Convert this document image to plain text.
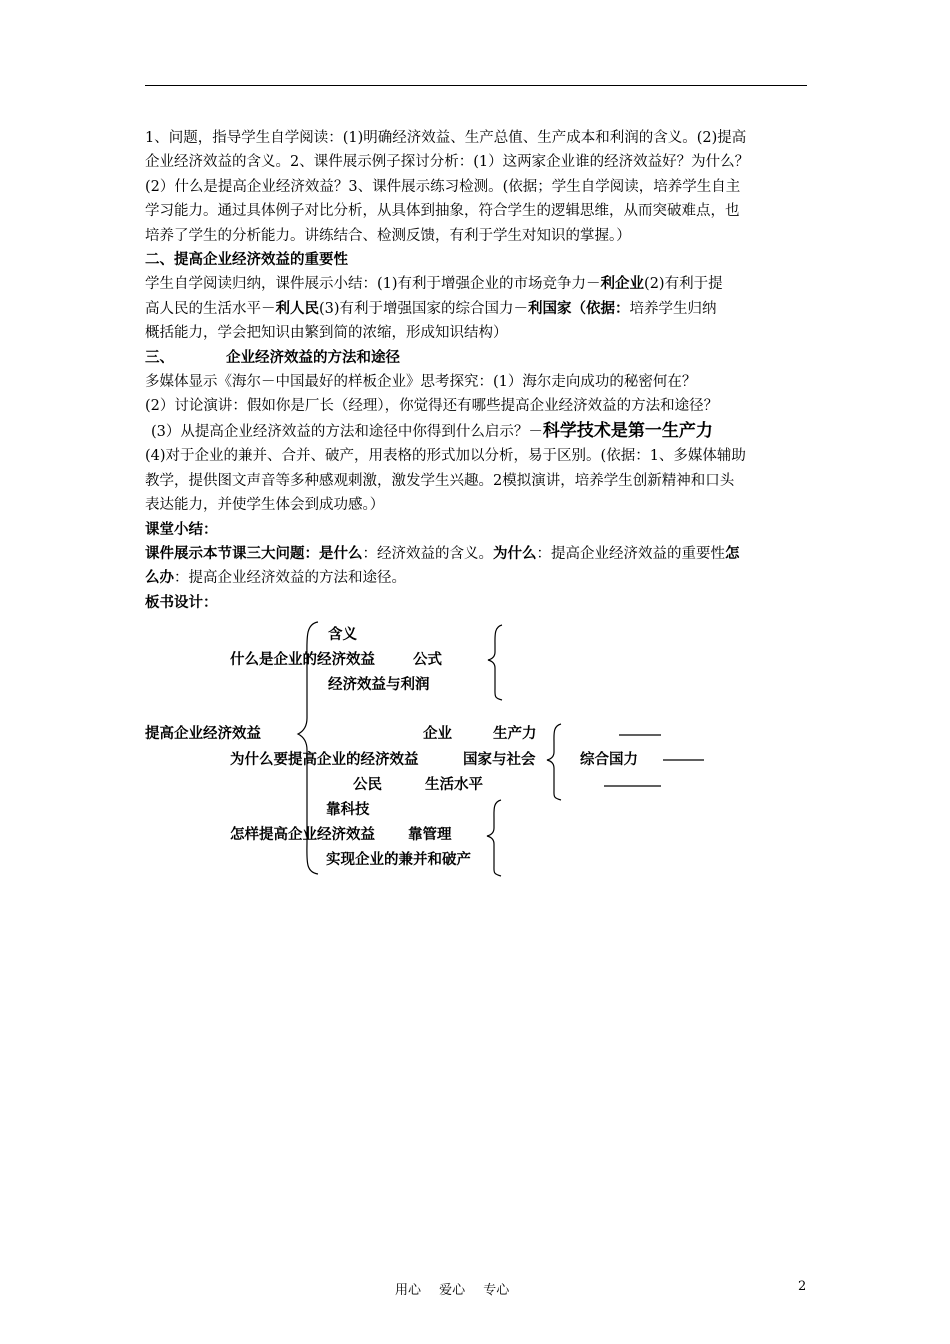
1、问题，指导学生自学阅读：(1)明确经济效益、生产总值、生产成本和利润的含义。(2)提高

企业经济效益的含义。2、课件展示例子探讨分析：(1）这两家企业谁的经济效益好？为什么？

(2）什么是提高企业经济效益？3、课件展示练习检测。(依据；学生自学阅读，培养学生自主

学习能力。通过具体例子对比分析，从具体到抽象，符合学生的逻辑思维，从而突破难点，也

培养了学生的分析能力。讲练结合、检测反馈，有利于学生对知识的掌握。）

二、提高企业经济效益的重要性

学生自学阅读归纳，课件展示小结：(1)有利于增强企业的市场竞争力－利企业(2)有利于提

高人民的生活水平－利人民(3)有利于增强国家的综合国力－利国家（依据：培养学生归纳

概括能力，学会把知识由繁到简的浓缩，形成知识结构）

三、	企业经济效益的方法和途径

多媒体显示《海尔－中国最好的样板企业》思考探究：(1）海尔走向成功的秘密何在？

(2）讨论演讲：假如你是厂长（经理），你觉得还有哪些提高企业经济效益的方法和途径？

(3）从提高企业经济效益的方法和途径中你得到什么启示？－科学技术是第一生产力

(4)对于企业的兼并、合并、破产，用表格的形式加以分析，易于区别。(依据：1、多媒体辅助

教学，提供图文声音等多种感观刺激，激发学生兴趣。2模拟演讲，培养学生创新精神和口头

表达能力，并使学生体会到成功感。）

课堂小结：

课件展示本节课三大问题：是什么：经济效益的含义。为什么：提高企业经济效益的重要性怎

么办：提高企业经济效益的方法和途径。

板书设计：

含义
什么是企业的经济效益	公式
经济效益与利润
提高企业经济效益	企业	生产力
为什么要提高企业的经济效益	国家与社会	综合国力
公民	生活水平
靠科技
怎样提高企业经济效益 靠管理
实现企业的兼并和破产
用心 爱心 专心	2
